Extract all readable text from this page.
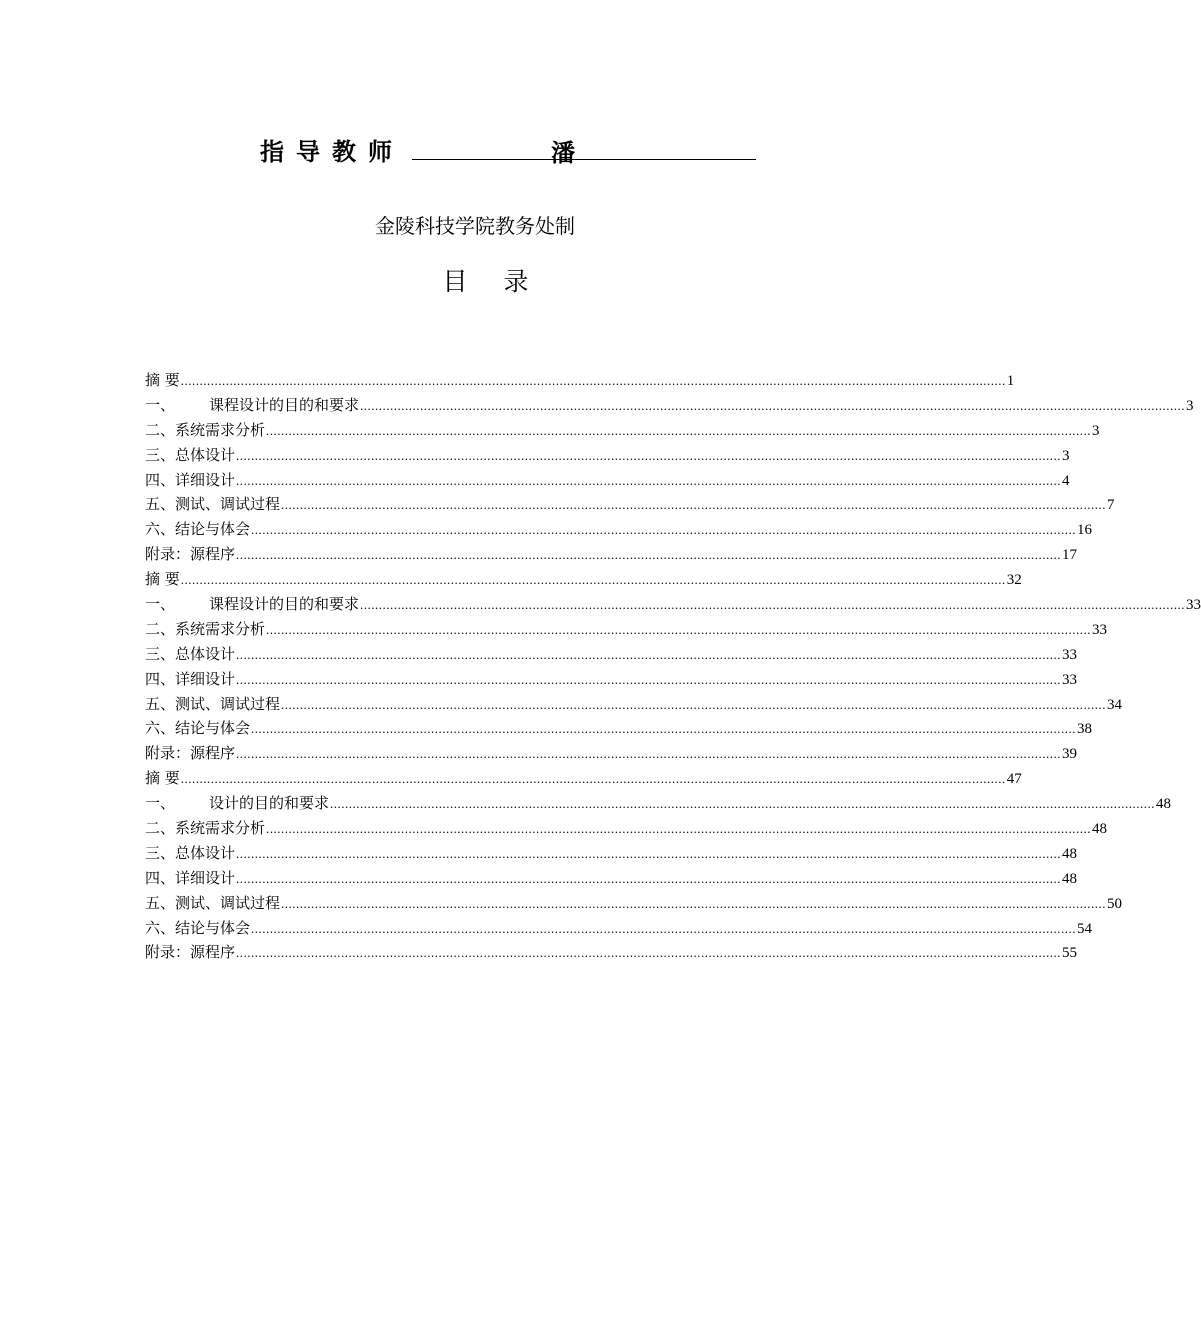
指导教师	潘
金陵科技学院教务处制
目 录
摘 要 ............................................................................................................................................................................................................................ 1
一、 课程设计的目的和要求 ............................................................................................................................................................................................................................ 3
二、系统需求分析 ............................................................................................................................................................................................................................ 3
三、总体设计 ............................................................................................................................................................................................................................ 3
四、详细设计 ............................................................................................................................................................................................................................ 4
五、测试、调试过程 ............................................................................................................................................................................................................................ 7
六、结论与体会 ............................................................................................................................................................................................................................ 16
附录：源程序 ............................................................................................................................................................................................................................ 17
摘 要 ............................................................................................................................................................................................................................ 32
一、 课程设计的目的和要求 ............................................................................................................................................................................................................................ 33
二、系统需求分析 ............................................................................................................................................................................................................................ 33
三、总体设计 ............................................................................................................................................................................................................................ 33
四、详细设计 ............................................................................................................................................................................................................................ 33
五、测试、调试过程 ............................................................................................................................................................................................................................ 34
六、结论与体会 ............................................................................................................................................................................................................................ 38
附录：源程序 ............................................................................................................................................................................................................................ 39
摘 要 ............................................................................................................................................................................................................................ 47
一、 设计的目的和要求 ............................................................................................................................................................................................................................ 48
二、系统需求分析 ............................................................................................................................................................................................................................ 48
三、总体设计 ............................................................................................................................................................................................................................ 48
四、详细设计 ............................................................................................................................................................................................................................ 48
五、测试、调试过程 ............................................................................................................................................................................................................................ 50
六、结论与体会 ............................................................................................................................................................................................................................ 54
附录：源程序 ............................................................................................................................................................................................................................ 55
